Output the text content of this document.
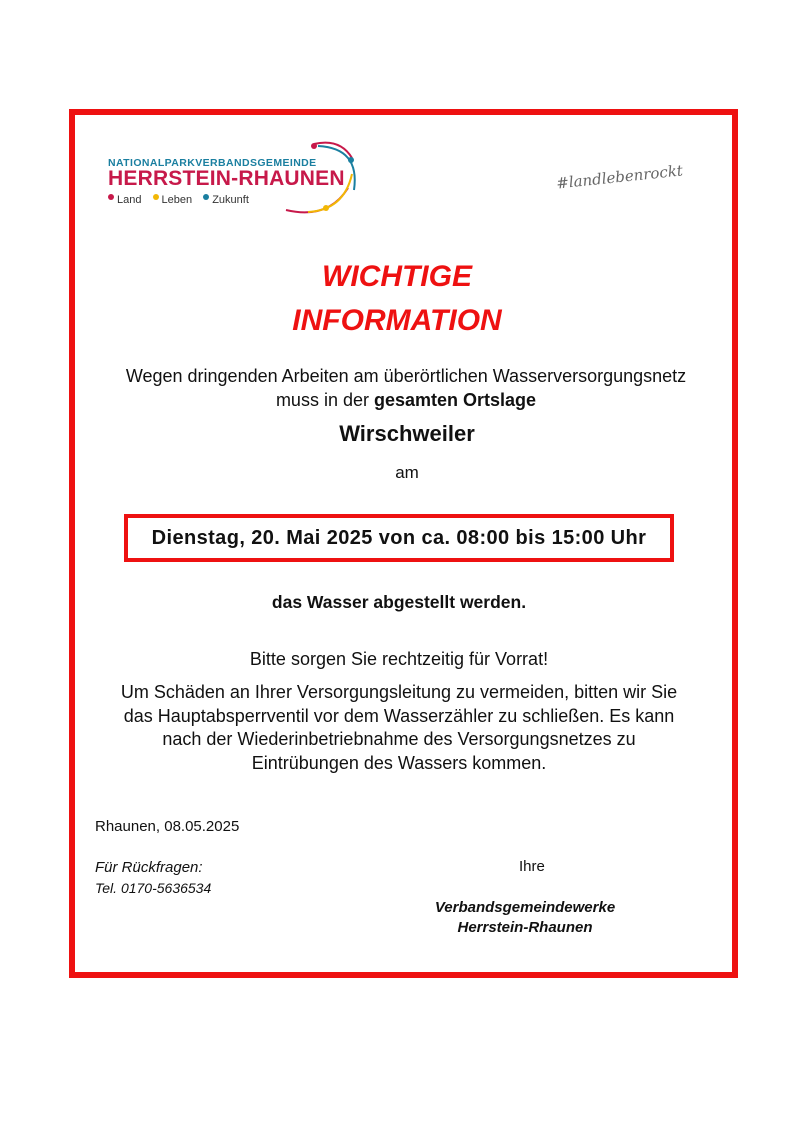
NATIONALPARKVERBANDSGEMEINDE
HERRSTEIN-RHAUNEN
Land Leben Zukunft
#landlebenrockt
WICHTIGE
INFORMATION
Wegen dringenden Arbeiten am überörtlichen Wasserversorgungsnetz
muss in der gesamten Ortslage
Wirschweiler
am
Dienstag, 20. Mai 2025 von ca. 08:00 bis 15:00 Uhr
das Wasser abgestellt werden.
Bitte sorgen Sie rechtzeitig für Vorrat!
Um Schäden an Ihrer Versorgungsleitung zu vermeiden, bitten wir Sie
das Hauptabsperrventil vor dem Wasserzähler zu schließen. Es kann
nach der Wiederinbetriebnahme des Versorgungsnetzes zu
Eintrübungen des Wassers kommen.
Rhaunen, 08.05.2025
Für Rückfragen:
Tel. 0170-5636534
Ihre
Verbandsgemeindewerke
Herrstein-Rhaunen
